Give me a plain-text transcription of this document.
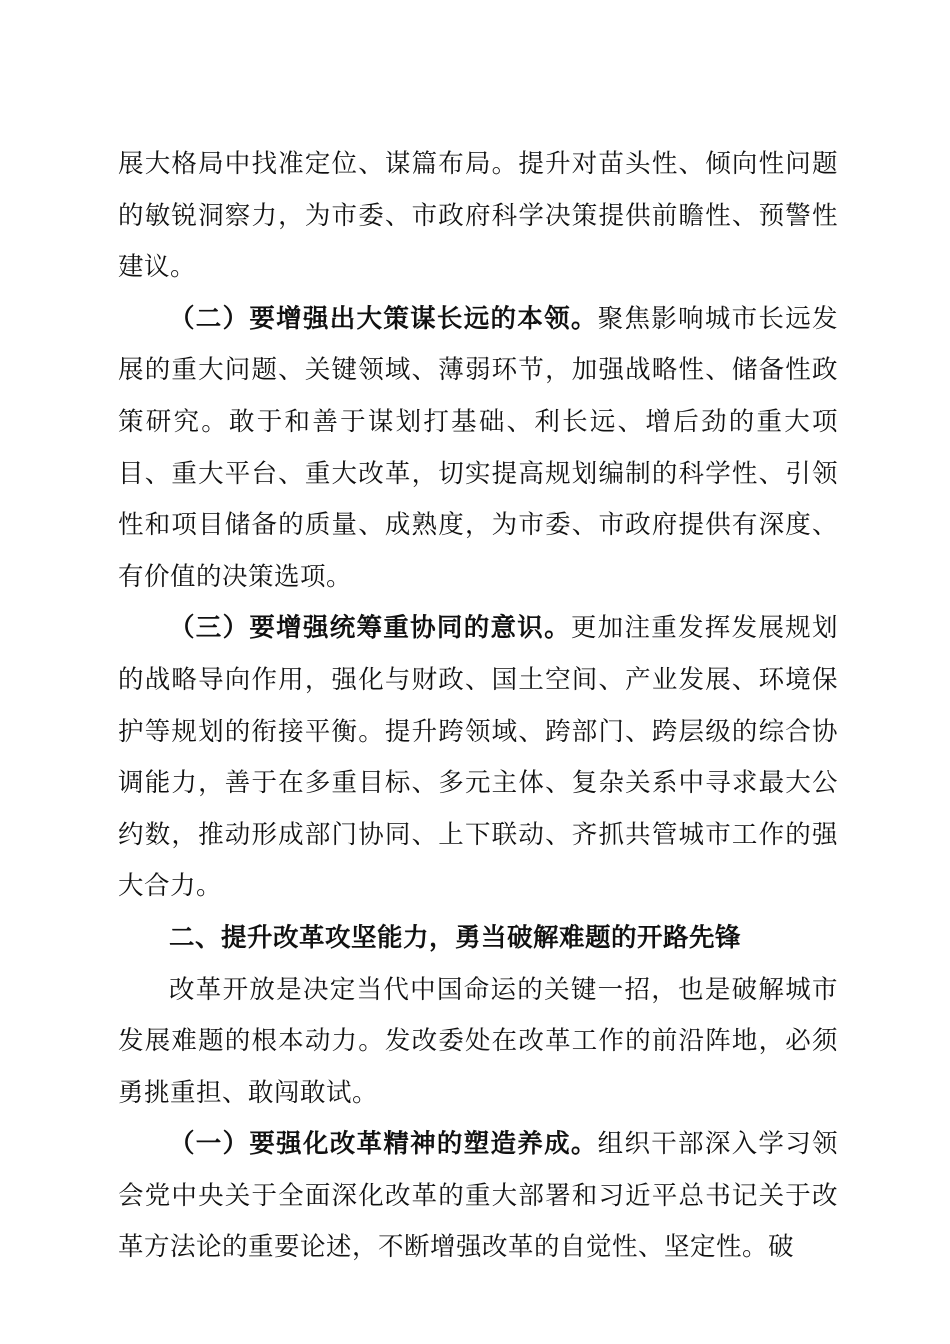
展大格局中找准定位、谋篇布局。提升对苗头性、倾向性问题的敏锐洞察力，为市委、市政府科学决策提供前瞻性、预警性建议。

（二）要增强出大策谋长远的本领。聚焦影响城市长远发展的重大问题、关键领域、薄弱环节，加强战略性、储备性政策研究。敢于和善于谋划打基础、利长远、增后劲的重大项目、重大平台、重大改革，切实提高规划编制的科学性、引领性和项目储备的质量、成熟度，为市委、市政府提供有深度、有价值的决策选项。

（三）要增强统筹重协同的意识。更加注重发挥发展规划的战略导向作用，强化与财政、国土空间、产业发展、环境保护等规划的衔接平衡。提升跨领域、跨部门、跨层级的综合协调能力，善于在多重目标、多元主体、复杂关系中寻求最大公约数，推动形成部门协同、上下联动、齐抓共管城市工作的强大合力。

二、提升改革攻坚能力，勇当破解难题的开路先锋

改革开放是决定当代中国命运的关键一招，也是破解城市发展难题的根本动力。发改委处在改革工作的前沿阵地，必须勇挑重担、敢闯敢试。

（一）要强化改革精神的塑造养成。组织干部深入学习领会党中央关于全面深化改革的重大部署和习近平总书记关于改革方法论的重要论述，不断增强改革的自觉性、坚定性。破
